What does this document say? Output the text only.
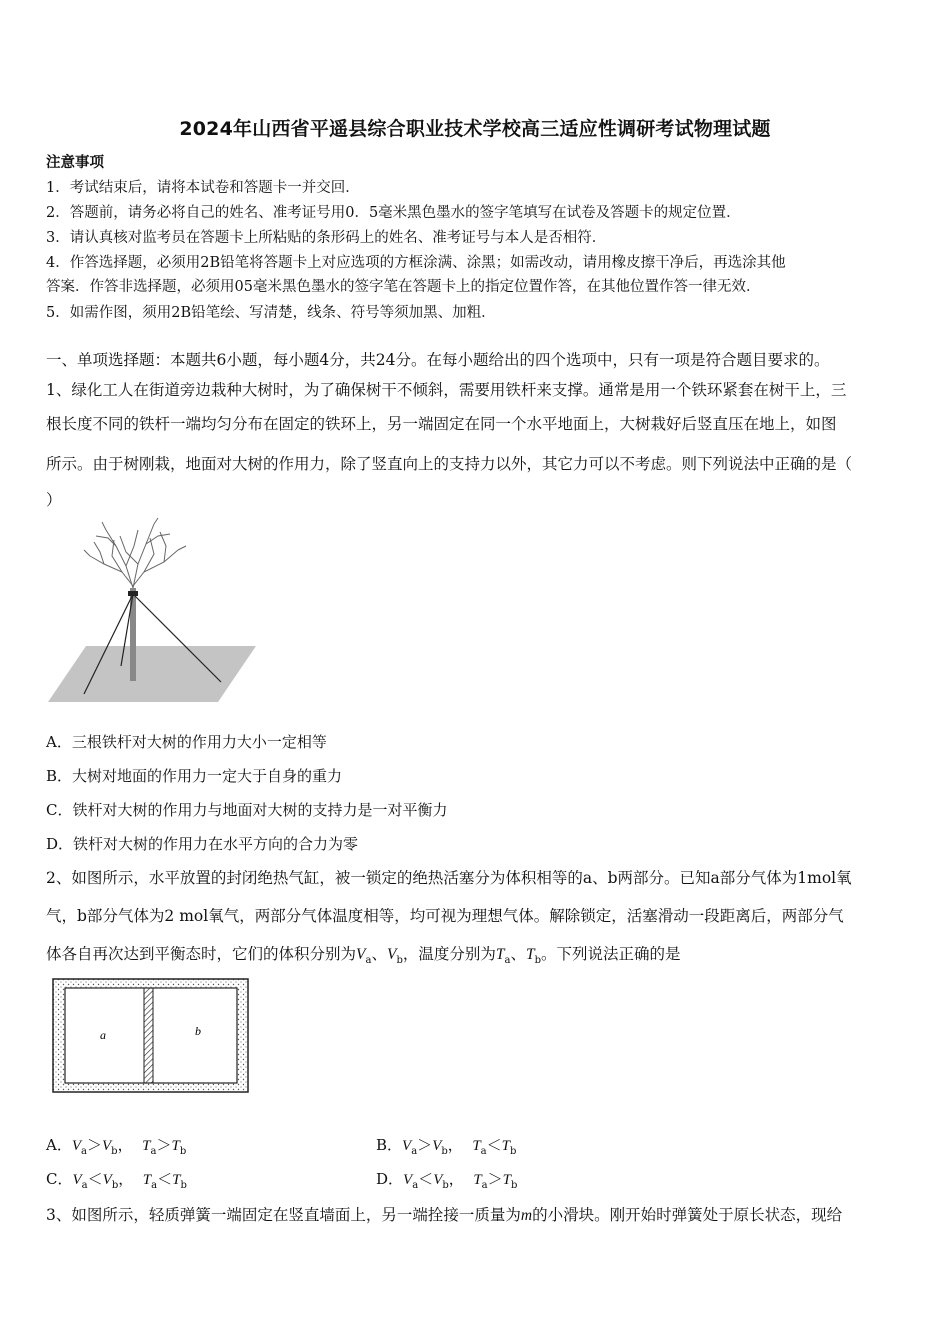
2024年山西省平遥县综合职业技术学校高三适应性调研考试物理试题
注意事项
1．考试结束后，请将本试卷和答题卡一并交回．
2．答题前，请务必将自己的姓名、准考证号用0．5毫米黑色墨水的签字笔填写在试卷及答题卡的规定位置．
3．请认真核对监考员在答题卡上所粘贴的条形码上的姓名、准考证号与本人是否相符．
4．作答选择题，必须用2B铅笔将答题卡上对应选项的方框涂满、涂黑；如需改动，请用橡皮擦干净后，再选涂其他
答案．作答非选择题，必须用05毫米黑色墨水的签字笔在答题卡上的指定位置作答，在其他位置作答一律无效．
5．如需作图，须用2B铅笔绘、写清楚，线条、符号等须加黑、加粗．
一、单项选择题：本题共6小题，每小题4分，共24分。在每小题给出的四个选项中，只有一项是符合题目要求的。
1、绿化工人在街道旁边栽种大树时，为了确保树干不倾斜，需要用铁杆来支撑。通常是用一个铁环紧套在树干上，三
根长度不同的铁杆一端均匀分布在固定的铁环上，另一端固定在同一个水平地面上，大树栽好后竖直压在地上，如图
所示。由于树刚栽，地面对大树的作用力，除了竖直向上的支持力以外，其它力可以不考虑。则下列说法中正确的是（
）
A．三根铁杆对大树的作用力大小一定相等
B．大树对地面的作用力一定大于自身的重力
C．铁杆对大树的作用力与地面对大树的支持力是一对平衡力
D．铁杆对大树的作用力在水平方向的合力为零
2、如图所示，水平放置的封闭绝热气缸，被一锁定的绝热活塞分为体积相等的a、b两部分。已知a部分气体为1mol氧
气，b部分气体为2 mol氧气，两部分气体温度相等，均可视为理想气体。解除锁定，活塞滑动一段距离后，两部分气
体各自再次达到平衡态时，它们的体积分别为$V_a$、$V_b$，温度分别为$T_a$、$T_b$。下列说法正确的是
a	b
A．$V_a>V_b$， $T_a>T_b$	B．$V_a>V_b$， $T_a<T_b$
C．$V_a<V_b$， $T_a<T_b$	D．$V_a<V_b$， $T_a>T_b$
3、如图所示，轻质弹簧一端固定在竖直墙面上，另一端拴接一质量为m的小滑块。刚开始时弹簧处于原长状态，现给
